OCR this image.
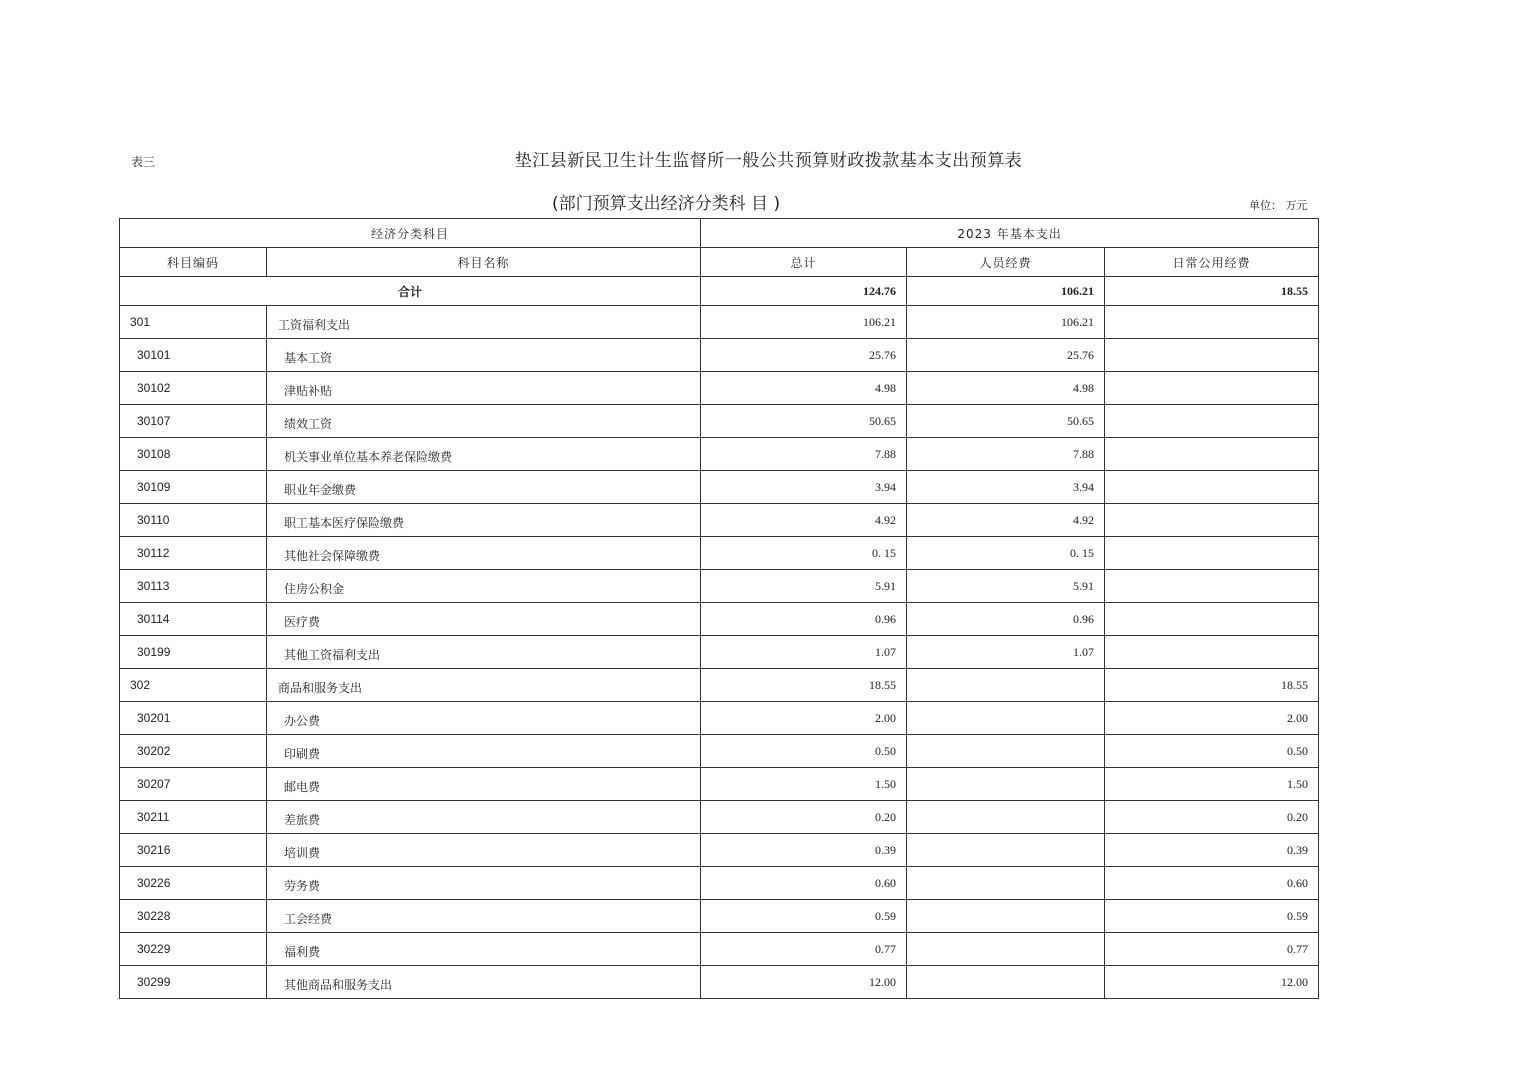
表三	垫江县新民卫生计生监督所一般公共预算财政拨款基本支出预算表
(部门预算支出经济分类科 目 )	单位： 万元
经济分类科目		2023 年基本支出		
科目编码	科目名称	总计	人员经费	日常公用经费
合计		124.76	106.21	18.55
301	工资福利支出	106.21	106.21	
30101	基本工资	25.76	25.76	
30102	津贴补贴	4.98	4.98	
30107	绩效工资	50.65	50.65	
30108	机关事业单位基本养老保险缴费	7.88	7.88	
30109	职业年金缴费	3.94	3.94	
30110	职工基本医疗保险缴费	4.92	4.92	
30112	其他社会保障缴费	0. 15	0. 15	
30113	住房公积金	5.91	5.91	
30114	医疗费	0.96	0.96	
30199	其他工资福利支出	1.07	1.07	
302	商品和服务支出	18.55		18.55
30201	办公费	2.00		2.00
30202	印刷费	0.50		0.50
30207	邮电费	1.50		1.50
30211	差旅费	0.20		0.20
30216	培训费	0.39		0.39
30226	劳务费	0.60		0.60
30228	工会经费	0.59		0.59
30229	福利费	0.77		0.77
30299	其他商品和服务支出	12.00		12.00
